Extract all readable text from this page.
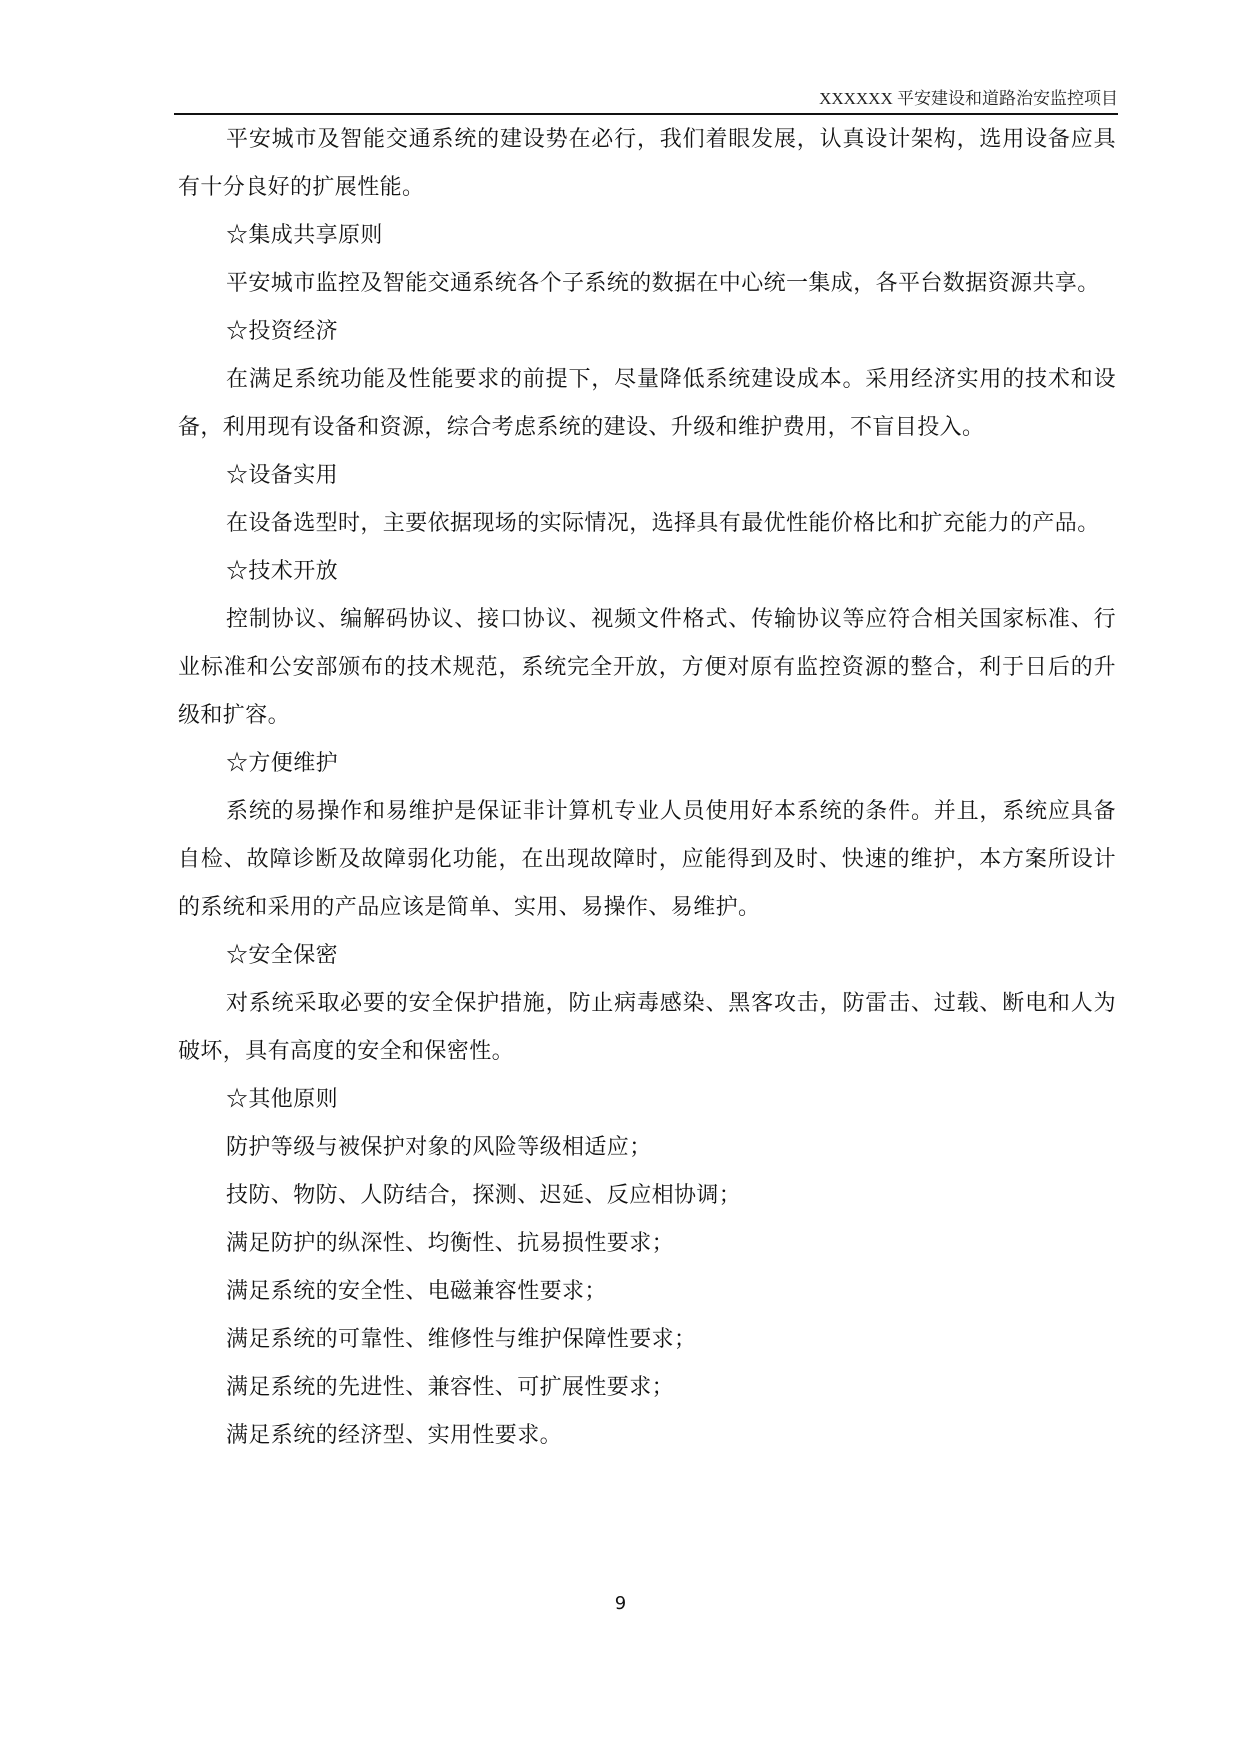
XXXXXX 平安建设和道路治安监控项目

平安城市及智能交通系统的建设势在必行，我们着眼发展，认真设计架构，选用设备应具有十分良好的扩展性能。

☆集成共享原则

平安城市监控及智能交通系统各个子系统的数据在中心统一集成，各平台数据资源共享。

☆投资经济

在满足系统功能及性能要求的前提下，尽量降低系统建设成本。采用经济实用的技术和设备，利用现有设备和资源，综合考虑系统的建设、升级和维护费用，不盲目投入。

☆设备实用

在设备选型时，主要依据现场的实际情况，选择具有最优性能价格比和扩充能力的产品。

☆技术开放

控制协议、编解码协议、接口协议、视频文件格式、传输协议等应符合相关国家标准、行业标准和公安部颁布的技术规范，系统完全开放，方便对原有监控资源的整合，利于日后的升级和扩容。

☆方便维护

系统的易操作和易维护是保证非计算机专业人员使用好本系统的条件。并且，系统应具备自检、故障诊断及故障弱化功能，在出现故障时，应能得到及时、快速的维护，本方案所设计的系统和采用的产品应该是简单、实用、易操作、易维护。

☆安全保密

对系统采取必要的安全保护措施，防止病毒感染、黑客攻击，防雷击、过载、断电和人为破坏，具有高度的安全和保密性。

☆其他原则

防护等级与被保护对象的风险等级相适应；

技防、物防、人防结合，探测、迟延、反应相协调；

满足防护的纵深性、均衡性、抗易损性要求；

满足系统的安全性、电磁兼容性要求；

满足系统的可靠性、维修性与维护保障性要求；

满足系统的先进性、兼容性、可扩展性要求；

满足系统的经济型、实用性要求。

9
